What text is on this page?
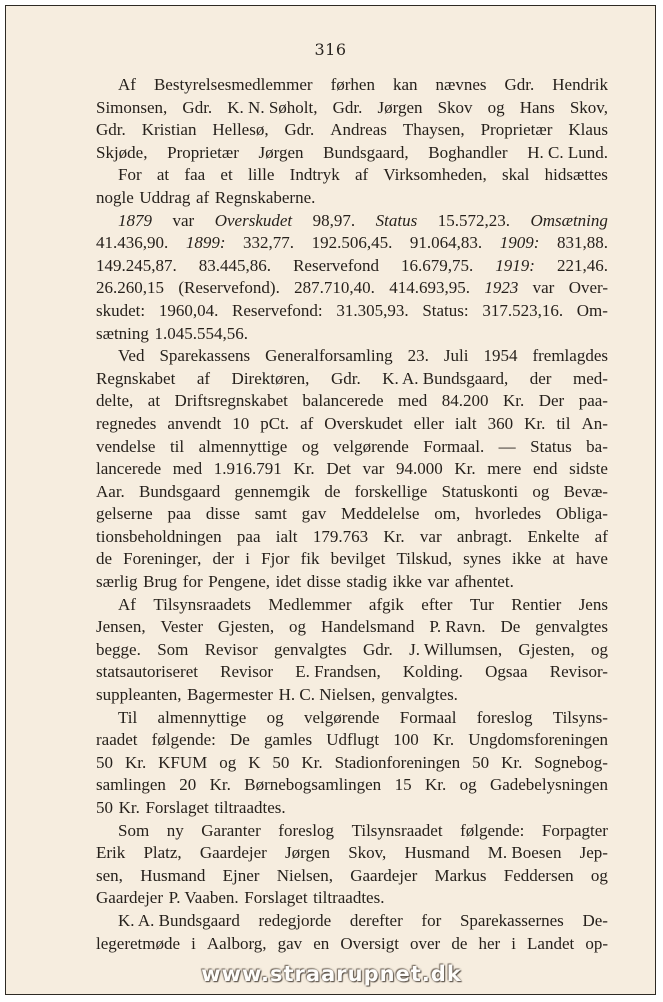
316
Af Bestyrelsesmedlemmer førhen kan nævnes Gdr. Hendrik
Simonsen, Gdr. K. N. Søholt, Gdr. Jørgen Skov og Hans Skov,
Gdr. Kristian Hellesø, Gdr. Andreas Thaysen, Proprietær Klaus
Skjøde, Proprietær Jørgen Bundsgaard, Boghandler H. C. Lund.
For at faa et lille Indtryk af Virksomheden, skal hidsættes
nogle Uddrag af Regnskaberne.
1879 var Overskudet 98,97. Status 15.572,23. Omsætning
41.436,90. 1899: 332,77. 192.506,45. 91.064,83. 1909: 831,88.
149.245,87. 83.445,86. Reservefond 16.679,75. 1919: 221,46.
26.260,15 (Reservefond). 287.710,40. 414.693,95. 1923 var Over-
skudet: 1960,04. Reservefond: 31.305,93. Status: 317.523,16. Om-
sætning 1.045.554,56.
Ved Sparekassens Generalforsamling 23. Juli 1954 fremlagdes
Regnskabet af Direktøren, Gdr. K. A. Bundsgaard, der med-
delte, at Driftsregnskabet balancerede med 84.200 Kr. Der paa-
regnedes anvendt 10 pCt. af Overskudet eller ialt 360 Kr. til An-
vendelse til almennyttige og velgørende Formaal. — Status ba-
lancerede med 1.916.791 Kr. Det var 94.000 Kr. mere end sidste
Aar. Bundsgaard gennemgik de forskellige Statuskonti og Bevæ-
gelserne paa disse samt gav Meddelelse om, hvorledes Obliga-
tionsbeholdningen paa ialt 179.763 Kr. var anbragt. Enkelte af
de Foreninger, der i Fjor fik bevilget Tilskud, synes ikke at have
særlig Brug for Pengene, idet disse stadig ikke var afhentet.
Af Tilsynsraadets Medlemmer afgik efter Tur Rentier Jens
Jensen, Vester Gjesten, og Handelsmand P. Ravn. De genvalgtes
begge. Som Revisor genvalgtes Gdr. J. Willumsen, Gjesten, og
statsautoriseret Revisor E. Frandsen, Kolding. Ogsaa Revisor-
suppleanten, Bagermester H. C. Nielsen, genvalgtes.
Til almennyttige og velgørende Formaal foreslog Tilsyns-
raadet følgende: De gamles Udflugt 100 Kr. Ungdomsforeningen
50 Kr. KFUM og K 50 Kr. Stadionforeningen 50 Kr. Sognebog-
samlingen 20 Kr. Børnebogsamlingen 15 Kr. og Gadebelysningen
50 Kr. Forslaget tiltraadtes.
Som ny Garanter foreslog Tilsynsraadet følgende: Forpagter
Erik Platz, Gaardejer Jørgen Skov, Husmand M. Boesen Jep-
sen, Husmand Ejner Nielsen, Gaardejer Markus Feddersen og
Gaardejer P. Vaaben. Forslaget tiltraadtes.
K. A. Bundsgaard redegjorde derefter for Sparekassernes De-
legeretmøde i Aalborg, gav en Oversigt over de her i Landet op-
www.straarupnet.dk
